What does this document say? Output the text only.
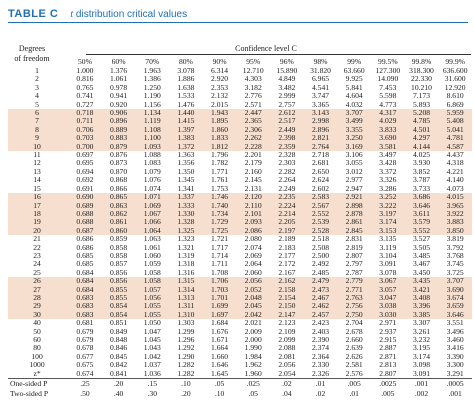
TABLE C t distribution critical values
Degrees
of freedom
Confidence level C
	50%	60%	70%	80%	90%	95%	96%	98%	99%	99.5%	99.8%	99.9%
1	1.000	1.376	1.963	3.078	6.314	12.710	15.890	31.820	63.660	127.300	318.300	636.600
2	0.816	1.061	1.386	1.886	2.920	4.303	4.849	6.965	9.925	14.090	22.330	31.600
3	0.765	0.978	1.250	1.638	2.353	3.182	3.482	4.541	5.841	7.453	10.210	12.920
4	0.741	0.941	1.190	1.533	2.132	2.776	2.999	3.747	4.604	5.598	7.173	8.610
5	0.727	0.920	1.156	1.476	2.015	2.571	2.757	3.365	4.032	4.773	5.893	6.869
6	0.718	0.906	1.134	1.440	1.943	2.447	2.612	3.143	3.707	4.317	5.208	5.959
7	0.711	0.896	1.119	1.415	1.895	2.365	2.517	2.998	3.499	4.029	4.785	5.408
8	0.706	0.889	1.108	1.397	1.860	2.306	2.449	2.896	3.355	3.833	4.501	5.041
9	0.703	0.883	1.100	1.383	1.833	2.262	2.398	2.821	3.250	3.690	4.297	4.781
10	0.700	0.879	1.093	1.372	1.812	2.228	2.359	2.764	3.169	3.581	4.144	4.587
11	0.697	0.876	1.088	1.363	1.796	2.201	2.328	2.718	3.106	3.497	4.025	4.437
12	0.695	0.873	1.083	1.356	1.782	2.179	2.303	2.681	3.055	3.428	3.930	4.318
13	0.694	0.870	1.079	1.350	1.771	2.160	2.282	2.650	3.012	3.372	3.852	4.221
14	0.692	0.868	1.076	1.345	1.761	2.145	2.264	2.624	2.977	3.326	3.787	4.140
15	0.691	0.866	1.074	1.341	1.753	2.131	2.249	2.602	2.947	3.286	3.733	4.073
16	0.690	0.865	1.071	1.337	1.746	2.120	2.235	2.583	2.921	3.252	3.686	4.015
17	0.689	0.863	1.069	1.333	1.740	2.110	2.224	2.567	2.898	3.222	3.646	3.965
18	0.688	0.862	1.067	1.330	1.734	2.101	2.214	2.552	2.878	3.197	3.611	3.922
19	0.688	0.861	1.066	1.328	1.729	2.093	2.205	2.539	2.861	3.174	3.579	3.883
20	0.687	0.860	1.064	1.325	1.725	2.086	2.197	2.528	2.845	3.153	3.552	3.850
21	0.686	0.859	1.063	1.323	1.721	2.080	2.189	2.518	2.831	3.135	3.527	3.819
22	0.686	0.858	1.061	1.321	1.717	2.074	2.183	2.508	2.819	3.119	3.505	3.792
23	0.685	0.858	1.060	1.319	1.714	2.069	2.177	2.500	2.807	3.104	3.485	3.768
24	0.685	0.857	1.059	1.318	1.711	2.064	2.172	2.492	2.797	3.091	3.467	3.745
25	0.684	0.856	1.058	1.316	1.708	2.060	2.167	2.485	2.787	3.078	3.450	3.725
26	0.684	0.856	1.058	1.315	1.706	2.056	2.162	2.479	2.779	3.067	3.435	3.707
27	0.684	0.855	1.057	1.314	1.703	2.052	2.158	2.473	2.771	3.057	3.421	3.690
28	0.683	0.855	1.056	1.313	1.701	2.048	2.154	2.467	2.763	3.047	3.408	3.674
29	0.683	0.854	1.055	1.311	1.699	2.045	2.150	2.462	2.756	3.038	3.396	3.659
30	0.683	0.854	1.055	1.310	1.697	2.042	2.147	2.457	2.750	3.030	3.385	3.646
40	0.681	0.851	1.050	1.303	1.684	2.021	2.123	2.423	2.704	2.971	3.307	3.551
50	0.679	0.849	1.047	1.299	1.676	2.009	2.109	2.403	2.678	2.937	3.261	3.496
60	0.679	0.848	1.045	1.296	1.671	2.000	2.099	2.390	2.660	2.915	3.232	3.460
80	0.678	0.846	1.043	1.292	1.664	1.990	2.088	2.374	2.639	2.887	3.195	3.416
100	0.677	0.845	1.042	1.290	1.660	1.984	2.081	2.364	2.626	2.871	3.174	3.390
1000	0.675	0.842	1.037	1.282	1.646	1.962	2.056	2.330	2.581	2.813	3.098	3.300
z*	0.674	0.841	1.036	1.282	1.645	1.960	2.054	2.326	2.576	2.807	3.091	3.291
One-sided P	.25	.20	.15	.10	.05	.025	.02	.01	.005	.0025	.001	.0005
Two-sided P	.50	.40	.30	.20	.10	.05	.04	.02	.01	.005	.002	.001
